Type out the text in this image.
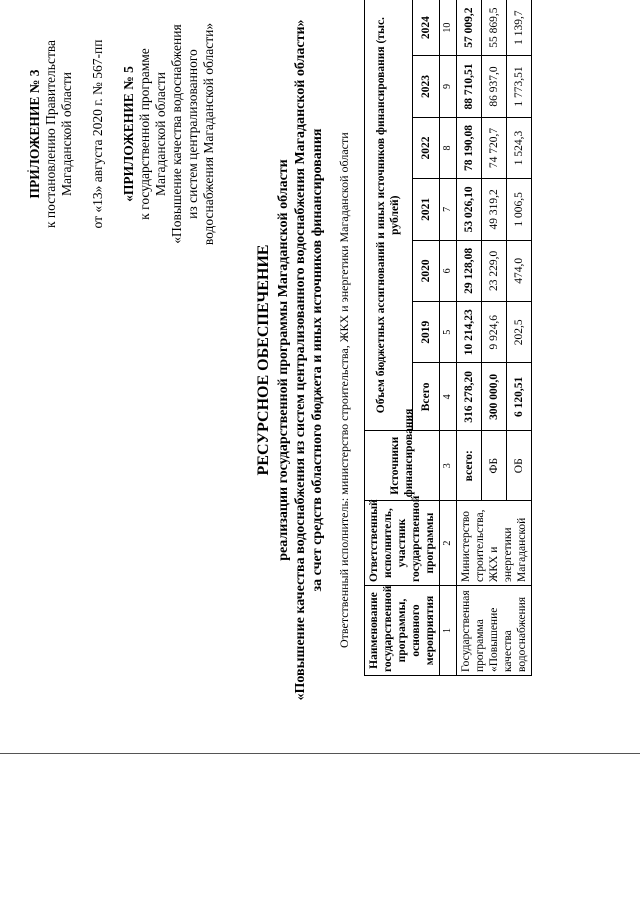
ПРИЛОЖЕНИЕ № 3 к постановлению Правительства Магаданской области от «13» августа 2020 г. № 567-пп «ПРИЛОЖЕНИЕ № 5 к государственной программе Магаданской области «Повышение качества водоснабжения из систем централизованного водоснабжения Магаданской области»
РЕСУРСНОЕ ОБЕСПЕЧЕНИЕ реализации государственной программы Магаданской области «Повышение качества водоснабжения из систем централизованного водоснабжения Магаданской области» за счет средств областного бюджета и иных источников финансирования Ответственный исполнитель: министерство строительства, ЖКХ и энергетики Магаданской области Наименование государственной программы, основного мероприятия	Ответственный исполнитель, участник государственной программы	Источники финансирования	Объем бюджетных ассигнований и иных источников финансирования (тыс. рублей)						
			Всего	2019	2020	2021	2022	2023	2024
1	2	3	4	5	6	7	8	9	10
Государственная программа «Повышение качества водоснабжения	Министерство строительства, ЖКХ и энергетики Магаданской	всего:	316 278,20	10 214,23	29 128,08	53 026,10	78 190,08	88 710,51	57 009,2
		ФБ	300 000,0	9 924,6	23 229,0	49 319,2	74 720,7	86 937,0	55 869,5
		ОБ	6 120,51	202,5	474,0	1 006,5	1 524,3	1 773,51	1 139,7
